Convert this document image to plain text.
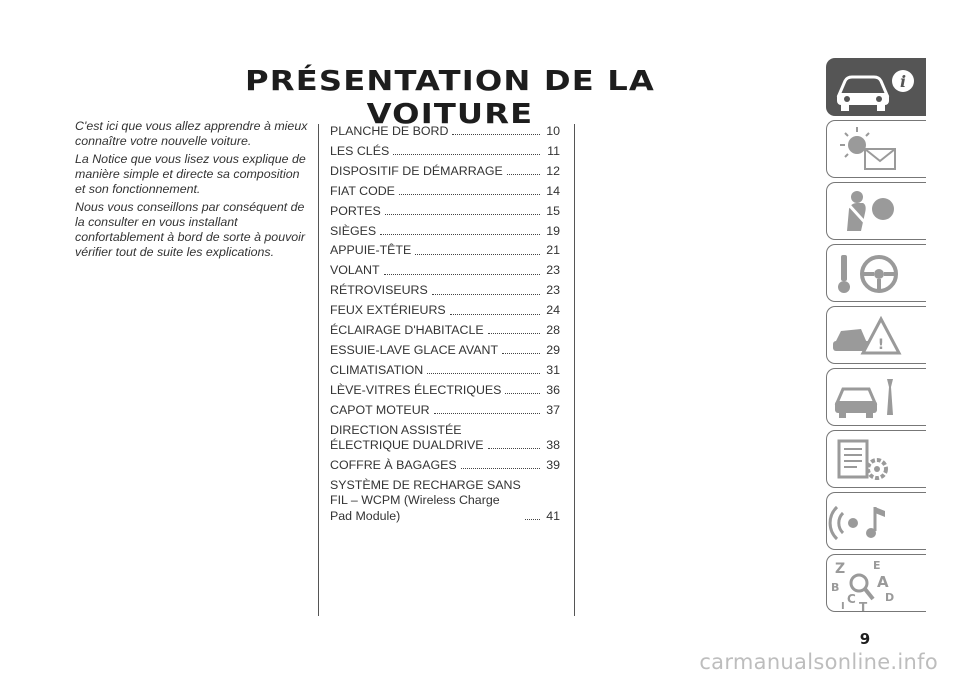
PRÉSENTATION DE LA VOITURE

C'est ici que vous allez apprendre à mieux connaître votre nouvelle voiture.

La Notice que vous lisez vous explique de manière simple et directe sa composition et son fonctionnement.

Nous vous conseillons par conséquent de la consulter en vous installant confortablement à bord de sorte à pouvoir vérifier tout de suite les explications.

PLANCHE DE BORD	10
LES CLÉS	11
DISPOSITIF DE DÉMARRAGE	12
FIAT CODE	14
PORTES	15
SIÈGES	19
APPUIE-TÊTE	21
VOLANT	23
RÉTROVISEURS	23
FEUX EXTÉRIEURS	24
ÉCLAIRAGE D'HABITACLE	28
ESSUIE-LAVE GLACE AVANT	29
CLIMATISATION	31
LÈVE-VITRES ÉLECTRIQUES	36
CAPOT MOTEUR	37
DIRECTION ASSISTÉE
ÉLECTRIQUE DUALDRIVE	38
COFFRE À BAGAGES	39
SYSTÈME DE RECHARGE SANS
FIL – WCPM (Wireless Charge
Pad Module)	41
i
!
Z	E
A
B
C	D
T
I
9
carmanualsonline.info
